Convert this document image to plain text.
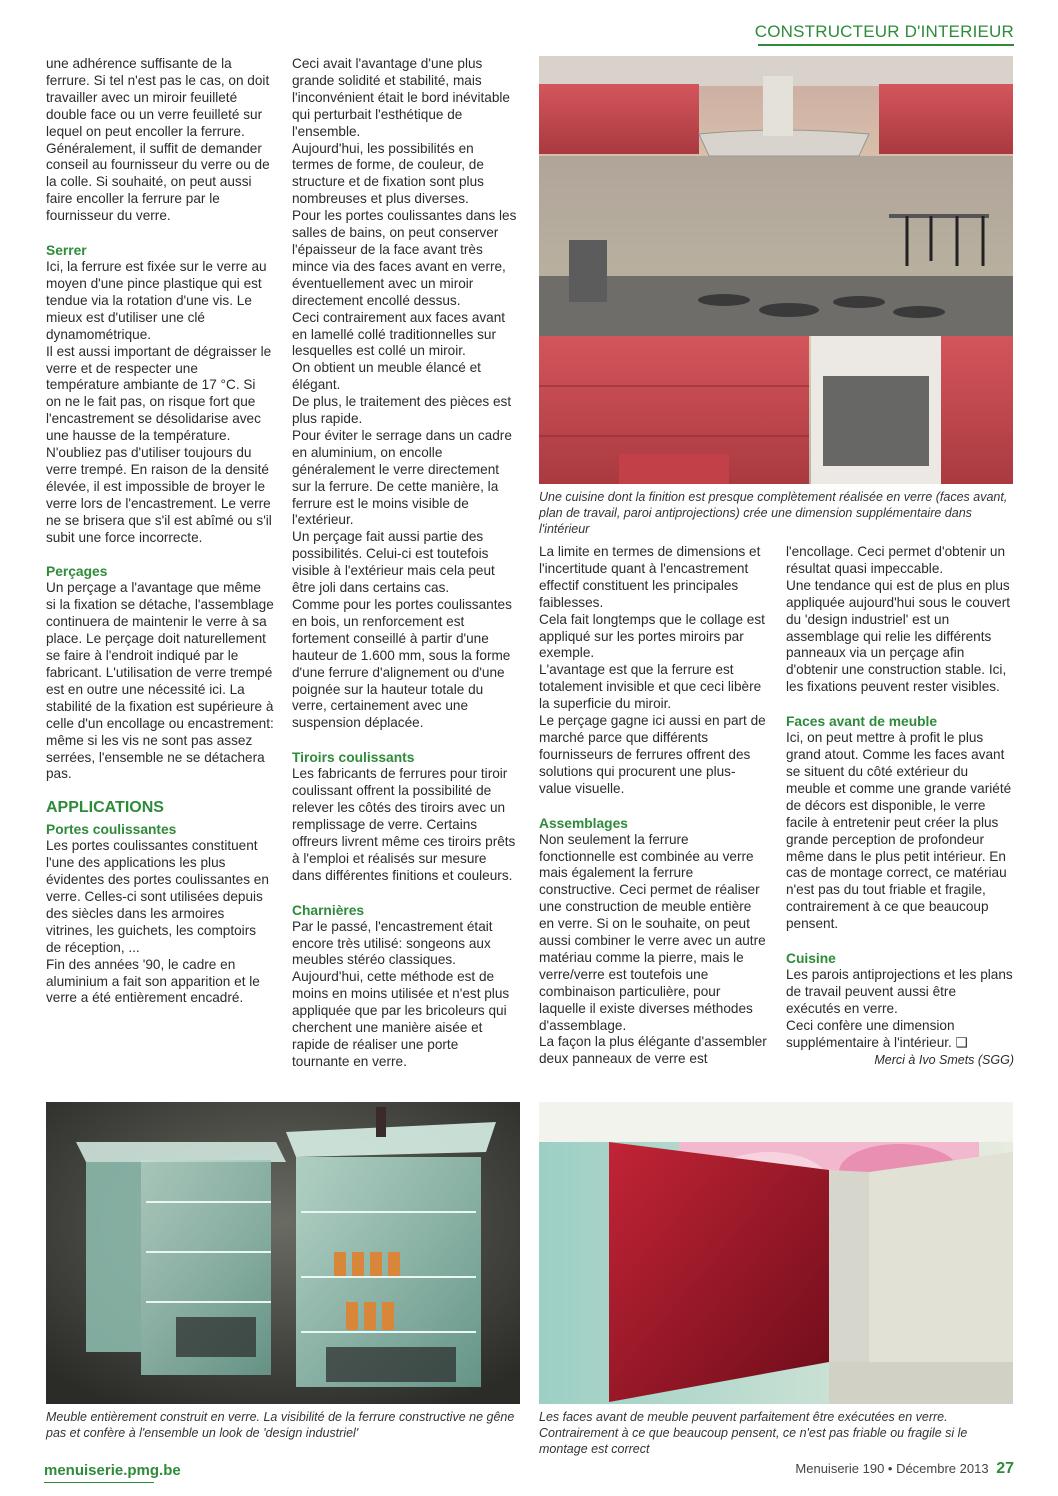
CONSTRUCTEUR D'INTERIEUR

une adhérence suffisante de la ferrure. Si tel n'est pas le cas, on doit travailler avec un miroir feuilleté double face ou un verre feuilleté sur lequel on peut encoller la ferrure. Généralement, il suffit de demander conseil au fournisseur du verre ou de la colle. Si souhaité, on peut aussi faire encoller la ferrure par le fournisseur du verre.

Serrer

Ici, la ferrure est fixée sur le verre au moyen d'une pince plastique qui est tendue via la rotation d'une vis. Le mieux est d'utiliser une clé dynamométrique.

Il est aussi important de dégraisser le verre et de respecter une température ambiante de 17 °C. Si on ne le fait pas, on risque fort que l'encastrement se désolidarise avec une hausse de la température. N'oubliez pas d'utiliser toujours du verre trempé. En raison de la densité élevée, il est impossible de broyer le verre lors de l'encastrement. Le verre ne se brisera que s'il est abîmé ou s'il subit une force incorrecte.

Perçages

Un perçage a l'avantage que même si la fixation se détache, l'assemblage continuera de maintenir le verre à sa place. Le perçage doit naturellement se faire à l'endroit indiqué par le fabricant. L'utilisation de verre trempé est en outre une nécessité ici. La stabilité de la fixation est supérieure à celle d'un encollage ou encastrement: même si les vis ne sont pas assez serrées, l'ensemble ne se détachera pas.

APPLICATIONS
Portes coulissantes

Les portes coulissantes constituent l'une des applications les plus évidentes des portes coulissantes en verre. Celles-ci sont utilisées depuis des siècles dans les armoires vitrines, les guichets, les comptoirs de réception, ...

Fin des années '90, le cadre en aluminium a fait son apparition et le verre a été entièrement encadré.

Ceci avait l'avantage d'une plus grande solidité et stabilité, mais l'inconvénient était le bord inévitable qui perturbait l'esthétique de l'ensemble.

Aujourd'hui, les possibilités en termes de forme, de couleur, de structure et de fixation sont plus nombreuses et plus diverses.

Pour les portes coulissantes dans les salles de bains, on peut conserver l'épaisseur de la face avant très mince via des faces avant en verre, éventuellement avec un miroir directement encollé dessus.

Ceci contrairement aux faces avant en lamellé collé traditionnelles sur lesquelles est collé un miroir.

On obtient un meuble élancé et élégant.

De plus, le traitement des pièces est plus rapide.

Pour éviter le serrage dans un cadre en aluminium, on encolle généralement le verre directement sur la ferrure. De cette manière, la ferrure est le moins visible de l'extérieur.

Un perçage fait aussi partie des possibilités. Celui-ci est toutefois visible à l'extérieur mais cela peut être joli dans certains cas.

Comme pour les portes coulissantes en bois, un renforcement est fortement conseillé à partir d'une hauteur de 1.600 mm, sous la forme d'une ferrure d'alignement ou d'une poignée sur la hauteur totale du verre, certainement avec une suspension déplacée.

Tiroirs coulissants

Les fabricants de ferrures pour tiroir coulissant offrent la possibilité de relever les côtés des tiroirs avec un remplissage de verre. Certains offreurs livrent même ces tiroirs prêts à l'emploi et réalisés sur mesure dans différentes finitions et couleurs.

Charnières

Par le passé, l'encastrement était encore très utilisé: songeons aux meubles stéréo classiques. Aujourd'hui, cette méthode est de moins en moins utilisée et n'est plus appliquée que par les bricoleurs qui cherchent une manière aisée et rapide de réaliser une porte tournante en verre.

Une cuisine dont la finition est presque complètement réalisée en verre (faces avant, plan de travail, paroi antiprojections) crée une dimension supplémentaire dans l'intérieur

La limite en termes de dimensions et l'incertitude quant à l'encastrement effectif constituent les principales faiblesses.

Cela fait longtemps que le collage est appliqué sur les portes miroirs par exemple.

L'avantage est que la ferrure est totalement invisible et que ceci libère la superficie du miroir.

Le perçage gagne ici aussi en part de marché parce que différents fournisseurs de ferrures offrent des solutions qui procurent une plus-value visuelle.

Assemblages

Non seulement la ferrure fonctionnelle est combinée au verre mais également la ferrure constructive. Ceci permet de réaliser une construction de meuble entière en verre. Si on le souhaite, on peut aussi combiner le verre avec un autre matériau comme la pierre, mais le verre/verre est toutefois une combinaison particulière, pour laquelle il existe diverses méthodes d'assemblage.

La façon la plus élégante d'assembler deux panneaux de verre est

l'encollage. Ceci permet d'obtenir un résultat quasi impeccable.

Une tendance qui est de plus en plus appliquée aujourd'hui sous le couvert du 'design industriel' est un assemblage qui relie les différents panneaux via un perçage afin d'obtenir une construction stable. Ici, les fixations peuvent rester visibles.

Faces avant de meuble

Ici, on peut mettre à profit le plus grand atout. Comme les faces avant se situent du côté extérieur du meuble et comme une grande variété de décors est disponible, le verre facile à entretenir peut créer la plus grande perception de profondeur même dans le plus petit intérieur. En cas de montage correct, ce matériau n'est pas du tout friable et fragile, contrairement à ce que beaucoup pensent.

Cuisine

Les parois antiprojections et les plans de travail peuvent aussi être exécutés en verre.

Ceci confère une dimension supplémentaire à l'intérieur. ❑

Merci à Ivo Smets (SGG)

Meuble entièrement construit en verre. La visibilité de la ferrure constructive ne gêne pas et confère à l'ensemble un look de 'design industriel'
Les faces avant de meuble peuvent parfaitement être exécutées en verre. Contrairement à ce que beaucoup pensent, ce n'est pas friable ou fragile si le montage est correct
menuiserie.pmg.be	Menuiserie 190 • Décembre 2013 27
